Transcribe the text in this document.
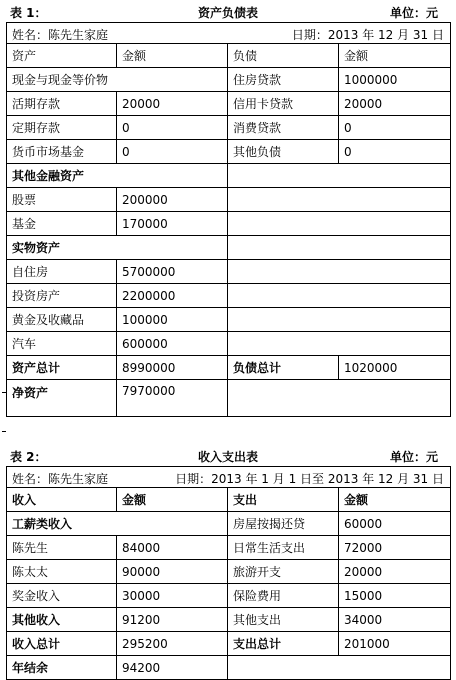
表 1：	资产负债表	单位：元
姓名：陈先生家庭 日期：2013 年 12 月 31 日			

资产	金额	负债	金额
现金与现金等价物		住房贷款	1000000
活期存款	20000	信用卡贷款	20000
定期存款	0	消费贷款	0
货币市场基金	0	其他负债	0
其他金融资产			
股票	200000		
基金	170000		
实物资产			
自住房	5700000		
投资房产	2200000		
黄金及收藏品	100000		
汽车	600000		
资产总计	8990000	负债总计	1020000
净资产	7970000		
表 2：	收入支出表	单位：元
姓名：陈先生家庭 日期：2013 年 1 月 1 日至 2013 年 12 月 31 日			

收入	金额	支出	金额
工薪类收入		房屋按揭还贷	60000
陈先生	84000	日常生活支出	72000
陈太太	90000	旅游开支	20000
奖金收入	30000	保险费用	15000
其他收入	91200	其他支出	34000
收入总计	295200	支出总计	201000
年结余	94200		
